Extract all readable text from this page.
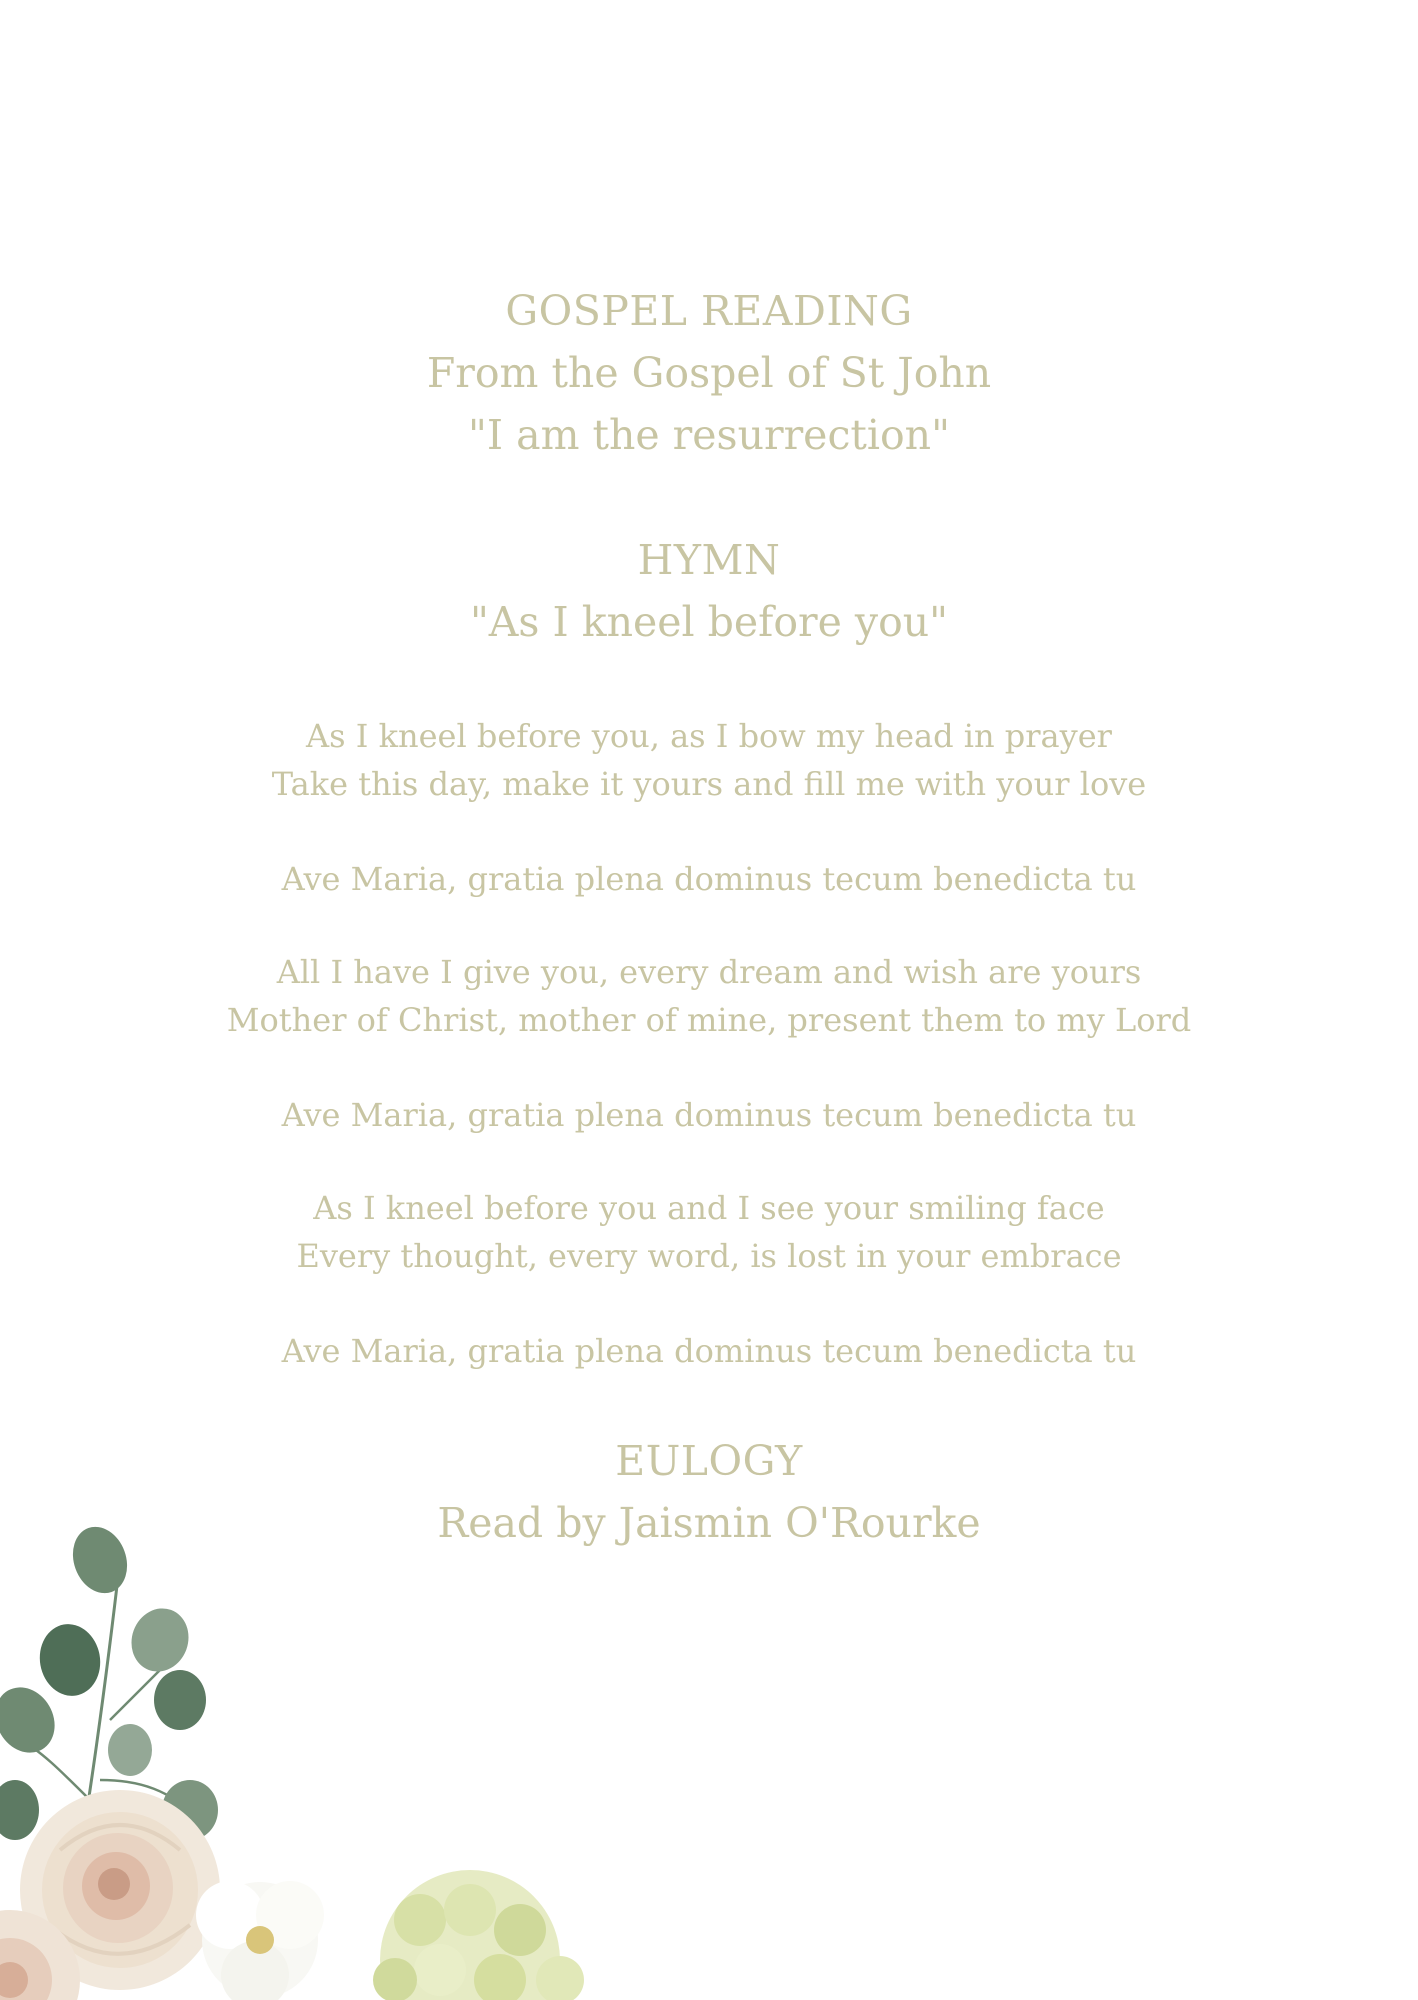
GOSPEL READING

From the Gospel of St John

"I am the resurrection"

HYMN

"As I kneel before you"

As I kneel before you, as I bow my head in prayer

Take this day, make it yours and fill me with your love

Ave Maria, gratia plena dominus tecum benedicta tu

All I have I give you, every dream and wish are yours

Mother of Christ, mother of mine, present them to my Lord

Ave Maria, gratia plena dominus tecum benedicta tu

As I kneel before you and I see your smiling face

Every thought, every word, is lost in your embrace

Ave Maria, gratia plena dominus tecum benedicta tu

EULOGY

Read by Jaismin O'Rourke
